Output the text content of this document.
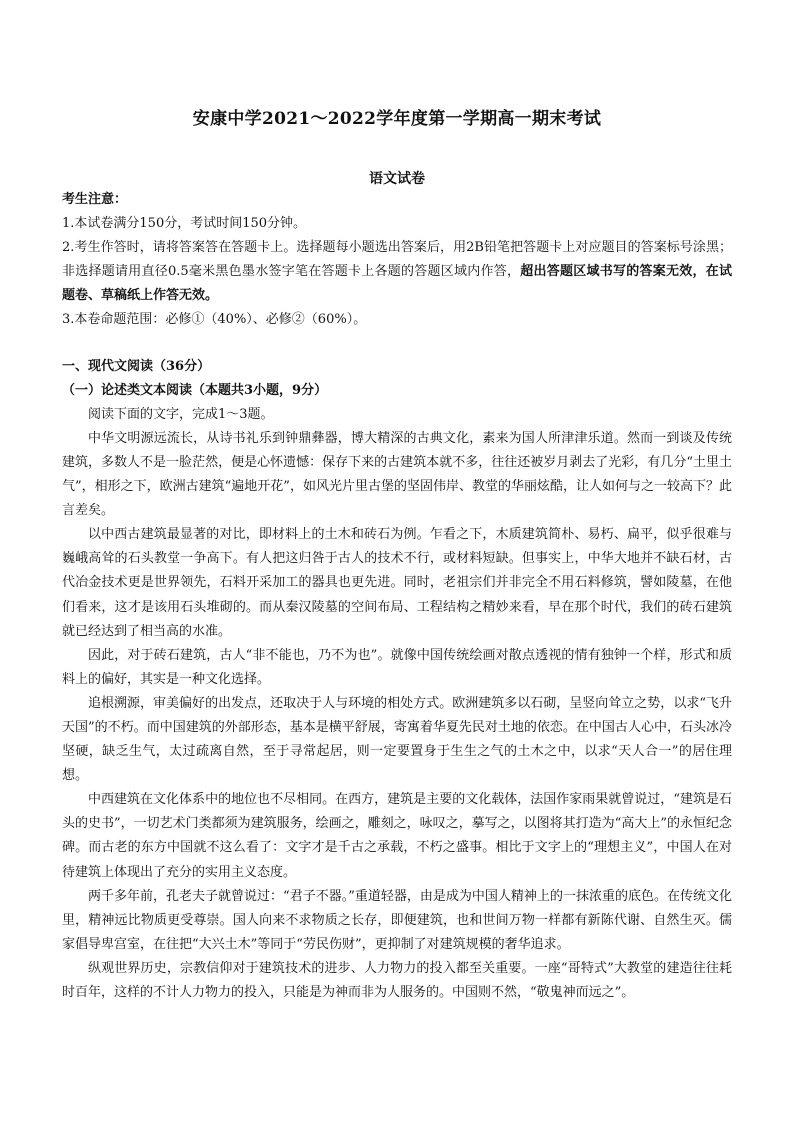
安康中学2021～2022学年度第一学期高一期末考试
语文试卷

考生注意：

1.本试卷满分150分，考试时间150分钟。

2.考生作答时，请将答案答在答题卡上。选择题每小题选出答案后，用2B铅笔把答题卡上对应题目的答案标号涂黑；非选择题请用直径0.5毫米黑色墨水签字笔在答题卡上各题的答题区域内作答，超出答题区域书写的答案无效，在试题卷、草稿纸上作答无效。

3.本卷命题范围：必修①（40%）、必修②（60%）。

一、现代文阅读（36分）

（一）论述类文本阅读（本题共3小题，9分）

阅读下面的文字，完成1～3题。

中华文明源远流长，从诗书礼乐到钟鼎彝器，博大精深的古典文化，素来为国人所津津乐道。然而一到谈及传统建筑，多数人不是一脸茫然，便是心怀遗憾：保存下来的古建筑本就不多，往往还被岁月剥去了光彩，有几分“土里土气”，相形之下，欧洲古建筑“遍地开花”，如风光片里古堡的坚固伟岸、教堂的华丽炫酷，让人如何与之一较高下？此言差矣。

以中西古建筑最显著的对比，即材料上的土木和砖石为例。乍看之下，木质建筑简朴、易朽、扁平，似乎很难与巍峨高耸的石头教堂一争高下。有人把这归咎于古人的技术不行，或材料短缺。但事实上，中华大地并不缺石材，古代冶金技术更是世界领先，石料开采加工的器具也更先进。同时，老祖宗们并非完全不用石料修筑，譬如陵墓，在他们看来，这才是该用石头堆砌的。而从秦汉陵墓的空间布局、工程结构之精妙来看，早在那个时代，我们的砖石建筑就已经达到了相当高的水准。

因此，对于砖石建筑，古人“非不能也，乃不为也”。就像中国传统绘画对散点透视的情有独钟一个样，形式和质料上的偏好，其实是一种文化选择。

追根溯源，审美偏好的出发点，还取决于人与环境的相处方式。欧洲建筑多以石砌，呈竖向耸立之势，以求“飞升天国”的不朽。而中国建筑的外部形态，基本是横平舒展，寄寓着华夏先民对土地的依恋。在中国古人心中，石头冰冷坚硬，缺乏生气，太过疏离自然，至于寻常起居，则一定要置身于生生之气的土木之中，以求“天人合一”的居住理想。

中西建筑在文化体系中的地位也不尽相同。在西方，建筑是主要的文化载体，法国作家雨果就曾说过，“建筑是石头的史书”，一切艺术门类都须为建筑服务，绘画之，雕刻之，咏叹之，摹写之，以图将其打造为“高大上”的永恒纪念碑。而古老的东方中国就不这么看了：文字才是千古之承载，不朽之盛事。相比于文字上的“理想主义”，中国人在对待建筑上体现出了充分的实用主义态度。

两千多年前，孔老夫子就曾说过：“君子不器。”重道轻器，由是成为中国人精神上的一抹浓重的底色。在传统文化里，精神远比物质更受尊崇。国人向来不求物质之长存，即便建筑，也和世间万物一样都有新陈代谢、自然生灭。儒家倡导卑宫室，在往把“大兴土木”等同于“劳民伤财”，更抑制了对建筑规模的奢华追求。

纵观世界历史，宗教信仰对于建筑技术的进步、人力物力的投入都至关重要。一座“哥特式”大教堂的建造往往耗时百年，这样的不计人力物力的投入，只能是为神而非为人服务的。中国则不然，“敬鬼神而远之”。
